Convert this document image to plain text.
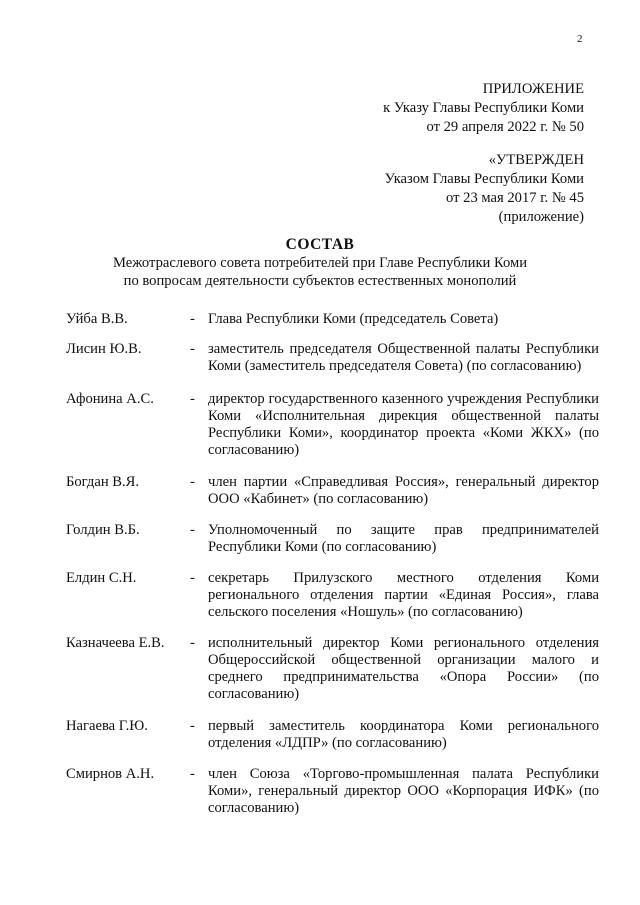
2
ПРИЛОЖЕНИЕ
к Указу Главы Республики Коми
от 29 апреля 2022 г. № 50
«УТВЕРЖДЕН
Указом Главы Республики Коми
от 23 мая 2017 г. № 45
(приложение)
СОСТАВ
Межотраслевого совета потребителей при Главе Республики Коми
по вопросам деятельности субъектов естественных монополий
Уйба В.В.	- Глава Республики Коми (председатель Совета)
Лисин Ю.В.	- заместитель председателя Общественной палаты Республики Коми (заместитель председателя Совета) (по согласованию)
Афонина А.С.	- директор государственного казенного учреждения Республики Коми «Исполнительная дирекция общественной палаты Республики Коми», координатор проекта «Коми ЖКХ» (по согласованию)
Богдан В.Я.	- член партии «Справедливая Россия», генеральный директор ООО «Кабинет» (по согласованию)
Голдин В.Б.	- Уполномоченный по защите прав предпринимателей Республики Коми (по согласованию)
Елдин С.Н.	- секретарь Прилузского местного отделения Коми регионального отделения партии «Единая Россия», глава сельского поселения «Ношуль» (по согласованию)
Казначеева Е.В.	- исполнительный директор Коми регионального отделения Общероссийской общественной организации малого и среднего предпринимательства «Опора России» (по согласованию)
Нагаева Г.Ю.	- первый заместитель координатора Коми регионального отделения «ЛДПР» (по согласованию)
Смирнов А.Н.	- член Союза «Торгово-промышленная палата Республики Коми», генеральный директор ООО «Корпорация ИФК» (по согласованию)
